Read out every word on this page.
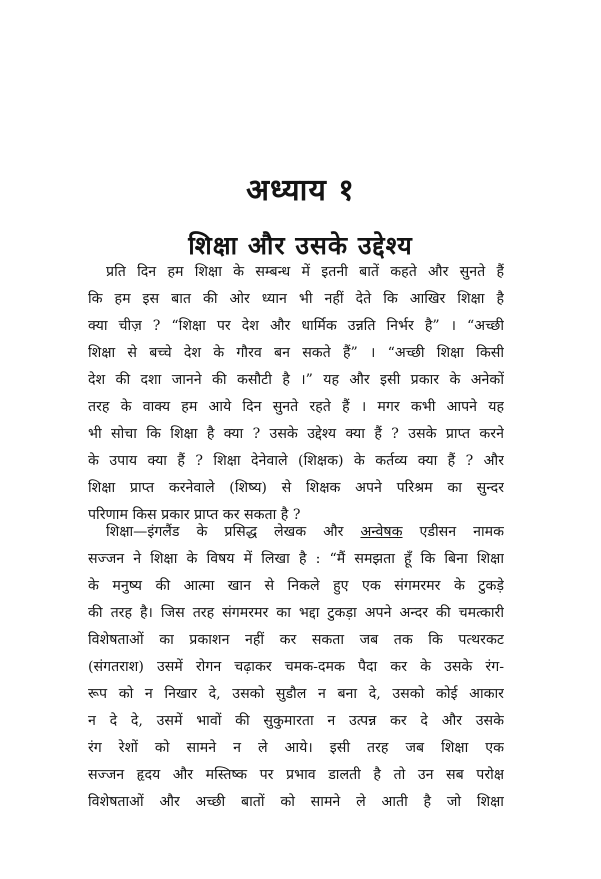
अध्याय १
शिक्षा और उसके उद्देश्य
प्रति दिन हम शिक्षा के सम्बन्ध में इतनी बातें कहते और सुनते हैं
कि हम इस बात की ओर ध्यान भी नहीं देते कि आखिर शिक्षा है
क्या चीज़ ? “शिक्षा पर देश और धार्मिक उन्नति निर्भर है” । “अच्छी
शिक्षा से बच्चे देश के गौरव बन सकते हैं” । “अच्छी शिक्षा किसी
देश की दशा जानने की कसौटी है ।” यह और इसी प्रकार के अनेकों
तरह के वाक्य हम आये दिन सुनते रहते हैं । मगर कभी आपने यह
भी सोचा कि शिक्षा है क्या ? उसके उद्देश्य क्या हैं ? उसके प्राप्त करने
के उपाय क्या हैं ? शिक्षा देनेवाले (शिक्षक) के कर्तव्य क्या हैं ? और
शिक्षा प्राप्त करनेवाले (शिष्य) से शिक्षक अपने परिश्रम का सुन्दर
परिणाम किस प्रकार प्राप्त कर सकता है ?
शिक्षा—इंगलैंड के प्रसिद्ध लेखक और अन्वेषक एडीसन नामक
सज्जन ने शिक्षा के विषय में लिखा है : “मैं समझता हूँ कि बिना शिक्षा
के मनुष्य की आत्मा खान से निकले हुए एक संगमरमर के टुकड़े
की तरह है। जिस तरह संगमरमर का भद्दा टुकड़ा अपने अन्दर की चमत्कारी
विशेषताओं का प्रकाशन नहीं कर सकता जब तक कि पत्थरकट
(संगतराश) उसमें रोगन चढ़ाकर चमक-दमक पैदा कर के उसके रंग-
रूप को न निखार दे, उसको सुडौल न बना दे, उसको कोई आकार
न दे दे, उसमें भावों की सुकुमारता न उत्पन्न कर दे और उसके
रंग रेशों को सामने न ले आये। इसी तरह जब शिक्षा एक
सज्जन हृदय और मस्तिष्क पर प्रभाव डालती है तो उन सब परोक्ष
विशेषताओं और अच्छी बातों को सामने ले आती है जो शिक्षा
